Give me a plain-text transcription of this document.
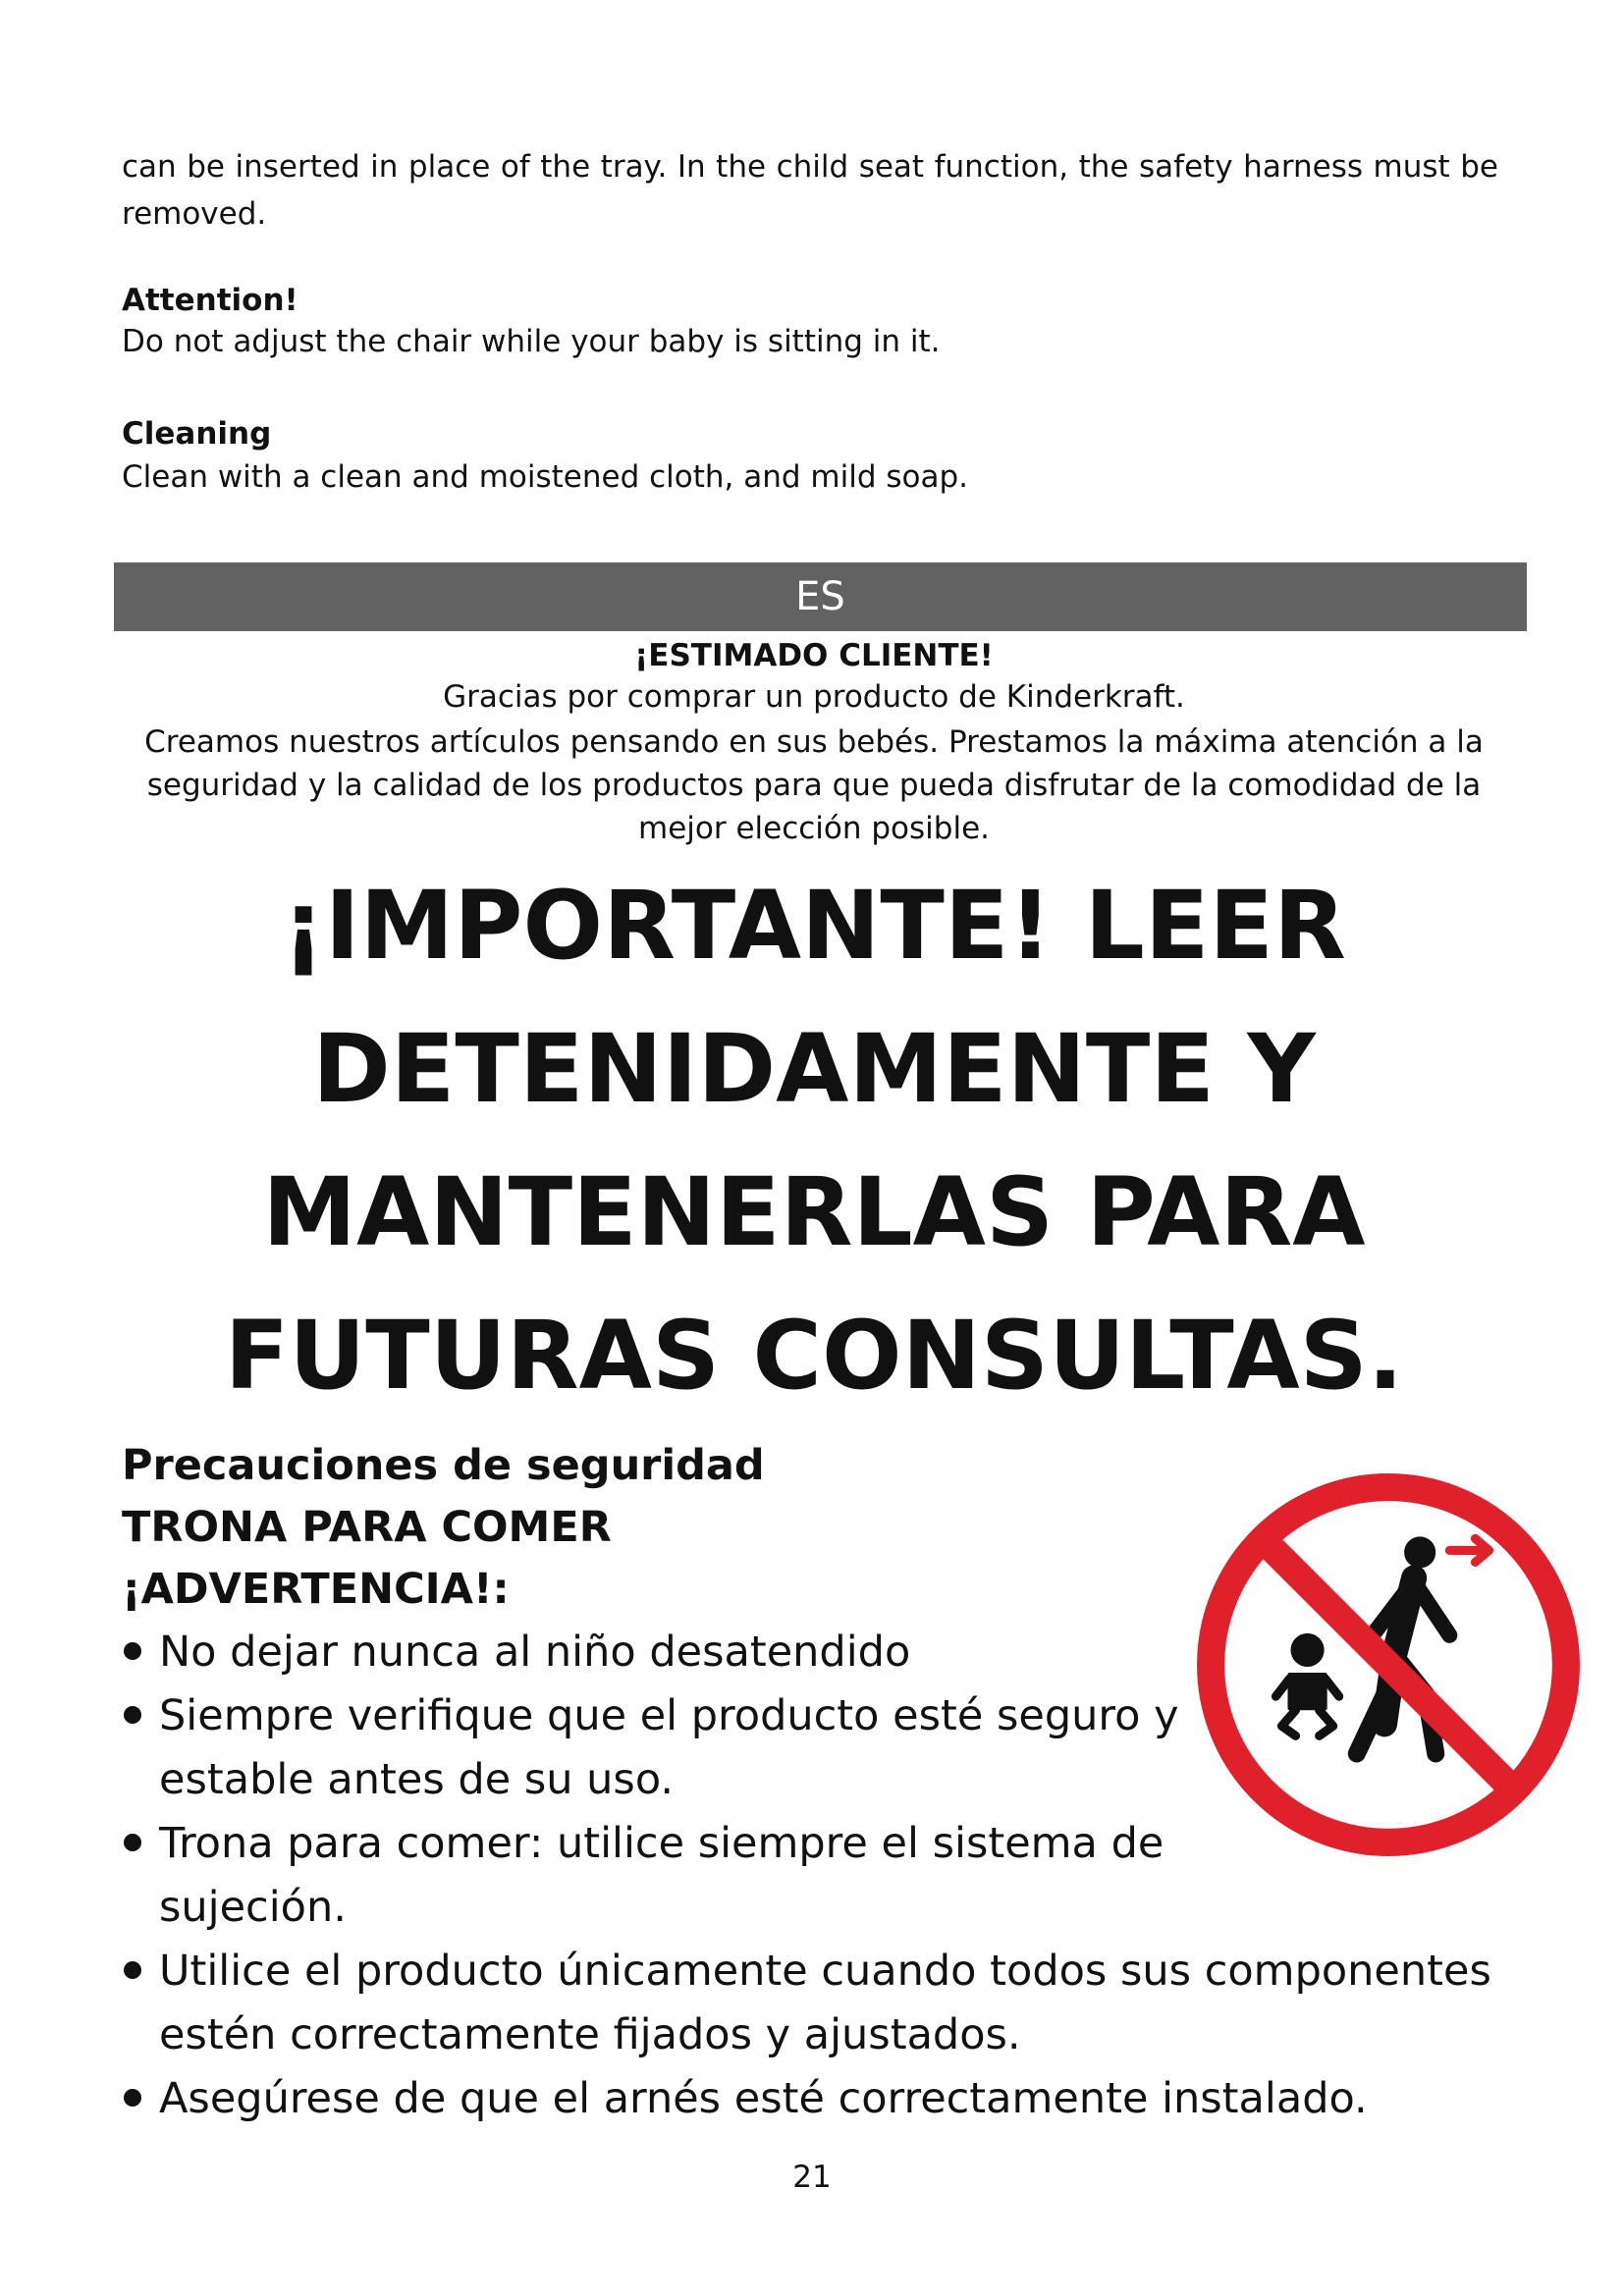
can be inserted in place of the tray. In the child seat function, the safety harness must be removed.
Attention!
Do not adjust the chair while your baby is sitting in it.
Cleaning
Clean with a clean and moistened cloth, and mild soap.
ES
¡ESTIMADO CLIENTE!
Gracias por comprar un producto de Kinderkraft.
Creamos nuestros artículos pensando en sus bebés. Prestamos la máxima atención a la seguridad y la calidad de los productos para que pueda disfrutar de la comodidad de la mejor elección posible.
¡IMPORTANTE! LEER
DETENIDAMENTE Y
MANTENERLAS PARA
FUTURAS CONSULTAS.
Precauciones de seguridad
TRONA PARA COMER
¡ADVERTENCIA!:
No dejar nunca al niño desatendido
Siempre verifique que el producto esté seguro y estable antes de su uso.
Trona para comer: utilice siempre el sistema de sujeción.
Utilice el producto únicamente cuando todos sus componentes estén correctamente fijados y ajustados.
Asegúrese de que el arnés esté correctamente instalado.
21
